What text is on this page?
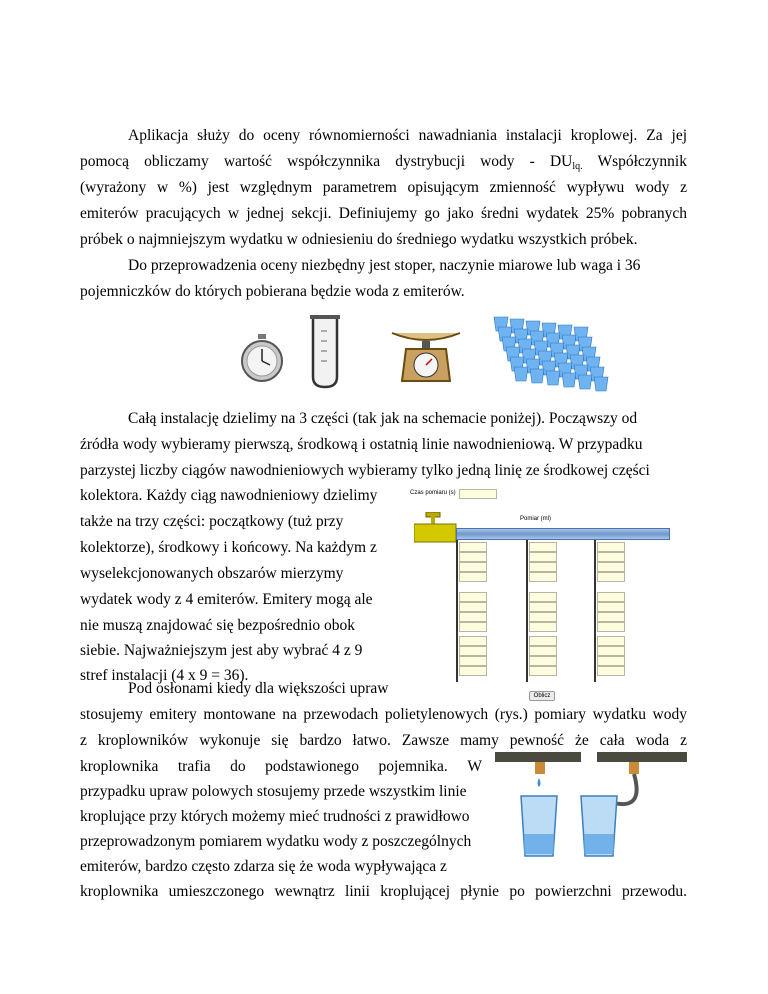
Aplikacja służy do oceny równomierności nawadniania instalacji kroplowej. Za jej
pomocą obliczamy wartość współczynnika dystrybucji wody - $DU_{lq.}$ Współczynnik
(wyrażony w %) jest względnym parametrem opisującym zmienność wypływu wody z
emiterów pracujących w jednej sekcji. Definiujemy go jako średni wydatek 25% pobranych
próbek o najmniejszym wydatku w odniesieniu do średniego wydatku wszystkich próbek.
Do przeprowadzenia oceny niezbędny jest stoper, naczynie miarowe lub waga i 36
pojemniczków do których pobierana będzie woda z emiterów.
Całą instalację dzielimy na 3 części (tak jak na schemacie poniżej). Począwszy od
źródła wody wybieramy pierwszą, środkową i ostatnią linie nawodnieniową. W przypadku
parzystej liczby ciągów nawodnieniowych wybieramy tylko jedną linię ze środkowej części
kolektora. Każdy ciąg nawodnieniowy dzielimy
także na trzy części: początkowy (tuż przy
kolektorze), środkowy i końcowy. Na każdym z
wyselekcjonowanych obszarów mierzymy
wydatek wody z 4 emiterów. Emitery mogą ale
nie muszą znajdować się bezpośrednio obok
siebie. Najważniejszym jest aby wybrać 4 z 9
stref instalacji (4 x 9 = 36).
Czas pomiaru (s)
Pomiar (ml)
Oblicz
Pod osłonami kiedy dla większości upraw
stosujemy emitery montowane na przewodach polietylenowych (rys.) pomiary wydatku wody
z kroplowników wykonuje się bardzo łatwo. Zawsze mamy pewność że cała woda z
kroplownika trafia do podstawionego pojemnika. W
przypadku upraw polowych stosujemy przede wszystkim linie
kroplujące przy których możemy mieć trudności z prawidłowo
przeprowadzonym pomiarem wydatku wody z poszczególnych
emiterów, bardzo często zdarza się że woda wypływająca z
kroplownika umieszczonego wewnątrz linii kroplującej płynie po powierzchni przewodu.
